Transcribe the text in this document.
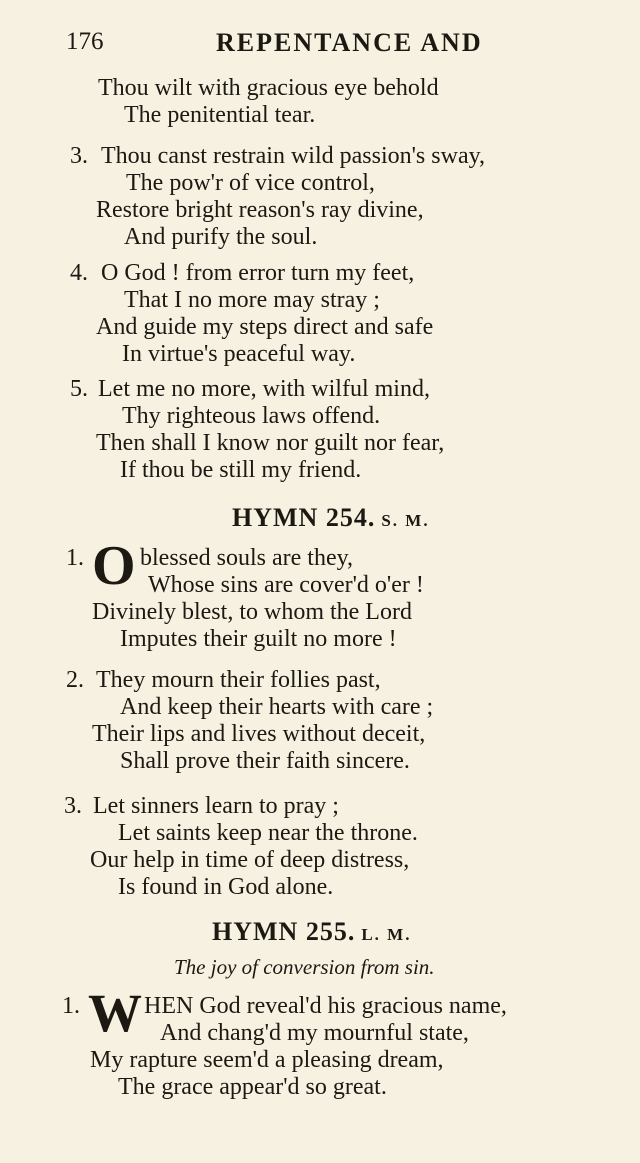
176	REPENTANCE AND
Thou wilt with gracious eye behold
The penitential tear.
3. Thou canst restrain wild passion's sway,
The pow'r of vice control,
Restore bright reason's ray divine,
And purify the soul.
4. O God ! from error turn my feet,
That I no more may stray ;
And guide my steps direct and safe
In virtue's peaceful way.
5. Let me no more, with wilful mind,
Thy righteous laws offend.
Then shall I know nor guilt nor fear,
If thou be still my friend.
HYMN 254. S. M.
1. O blessed souls are they,
Whose sins are cover'd o'er !
Divinely blest, to whom the Lord
Imputes their guilt no more !
2. They mourn their follies past,
And keep their hearts with care ;
Their lips and lives without deceit,
Shall prove their faith sincere.
3. Let sinners learn to pray ;
Let saints keep near the throne.
Our help in time of deep distress,
Is found in God alone.
HYMN 255. L. M.
The joy of conversion from sin.
1. W HEN God reveal'd his gracious name,
And chang'd my mournful state,
My rapture seem'd a pleasing dream,
The grace appear'd so great.
